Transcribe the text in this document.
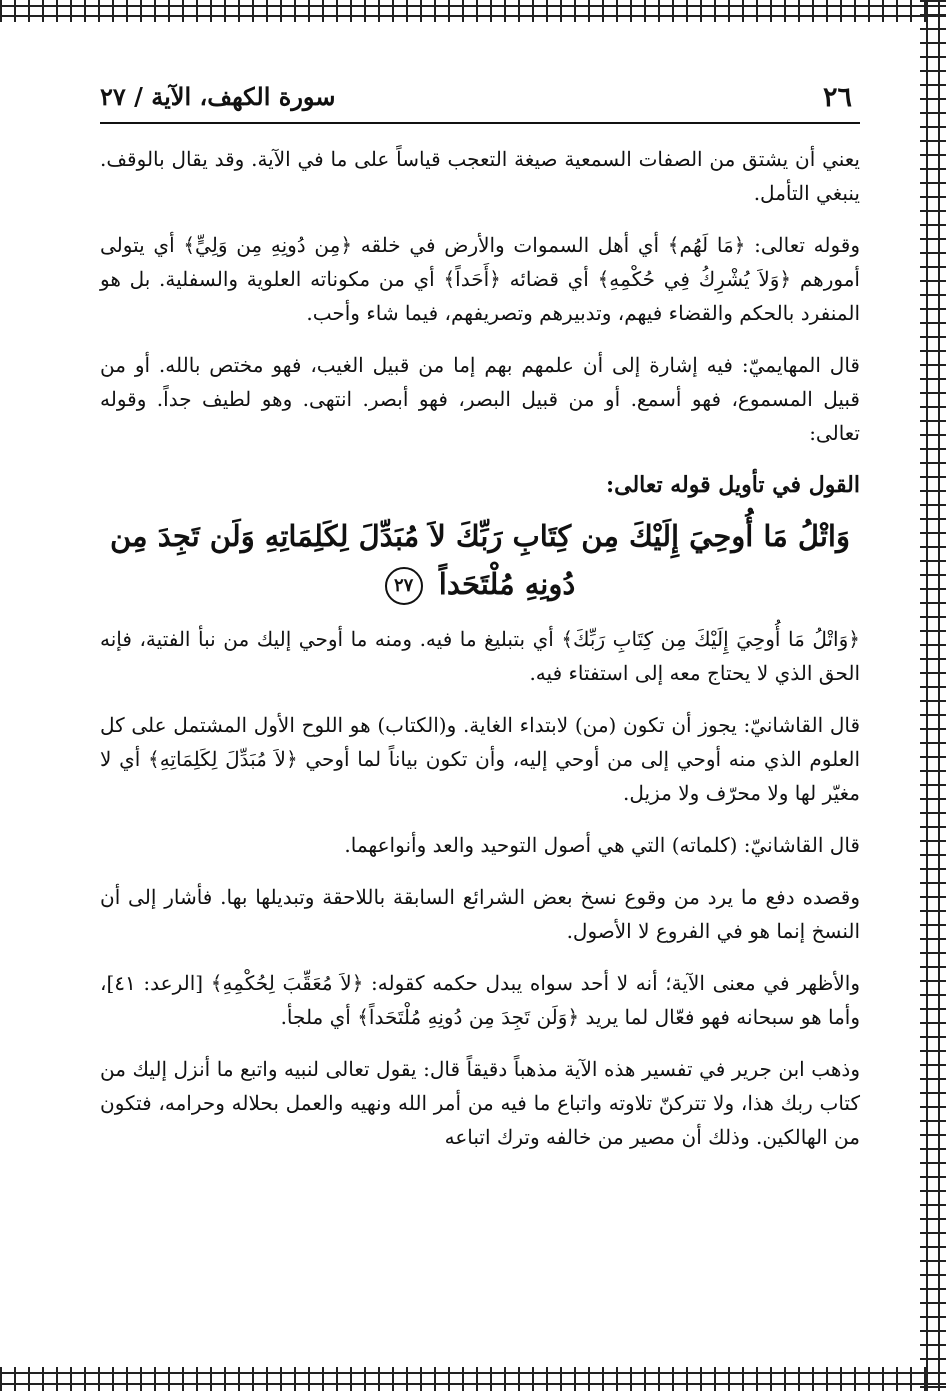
٢٦
سورة الكهف، الآية / ٢٧

يعني أن يشتق من الصفات السمعية صيغة التعجب قياساً على ما في الآية. وقد يقال بالوقف. ينبغي التأمل.

وقوله تعالى: ﴿مَا لَهُم﴾ أي أهل السموات والأرض في خلقه ﴿مِن دُونِهِ مِن وَلِيٍّ﴾ أي يتولى أمورهم ﴿وَلاَ يُشْرِكُ فِي حُكْمِهِ﴾ أي قضائه ﴿أَحَداً﴾ أي من مكوناته العلوية والسفلية. بل هو المنفرد بالحكم والقضاء فيهم، وتدبيرهم وتصريفهم، فيما شاء وأحب.

قال المهايميّ: فيه إشارة إلى أن علمهم بهم إما من قبيل الغيب، فهو مختص بالله. أو من قبيل المسموع، فهو أسمع. أو من قبيل البصر، فهو أبصر. انتهى. وهو لطيف جداً. وقوله تعالى:

القول في تأويل قوله تعالى:
وَاتْلُ مَا أُوحِيَ إِلَيْكَ مِن كِتَابِ رَبِّكَ لاَ مُبَدِّلَ لِكَلِمَاتِهِ وَلَن تَجِدَ مِن دُونِهِ مُلْتَحَداً ٢٧

﴿وَاتْلُ مَا أُوحِيَ إِلَيْكَ مِن كِتَابِ رَبِّكَ﴾ أي بتبليغ ما فيه. ومنه ما أوحي إليك من نبأ الفتية، فإنه الحق الذي لا يحتاج معه إلى استفتاء فيه.

قال القاشانيّ: يجوز أن تكون (من) لابتداء الغاية. و(الكتاب) هو اللوح الأول المشتمل على كل العلوم الذي منه أوحي إلى من أوحي إليه، وأن تكون بياناً لما أوحي ﴿لاَ مُبَدِّلَ لِكَلِمَاتِهِ﴾ أي لا مغيّر لها ولا محرّف ولا مزيل.

قال القاشانيّ: (كلماته) التي هي أصول التوحيد والعد وأنواعهما.

وقصده دفع ما يرد من وقوع نسخ بعض الشرائع السابقة باللاحقة وتبديلها بها. فأشار إلى أن النسخ إنما هو في الفروع لا الأصول.

والأظهر في معنى الآية؛ أنه لا أحد سواه يبدل حكمه كقوله: ﴿لاَ مُعَقِّبَ لِحُكْمِهِ﴾ [الرعد: ٤١]، وأما هو سبحانه فهو فعّال لما يريد ﴿وَلَن تَجِدَ مِن دُونِهِ مُلْتَحَداً﴾ أي ملجأ.

وذهب ابن جرير في تفسير هذه الآية مذهباً دقيقاً قال: يقول تعالى لنبيه واتبع ما أنزل إليك من كتاب ربك هذا، ولا تتركنّ تلاوته واتباع ما فيه من أمر الله ونهيه والعمل بحلاله وحرامه، فتكون من الهالكين. وذلك أن مصير من خالفه وترك اتباعه
